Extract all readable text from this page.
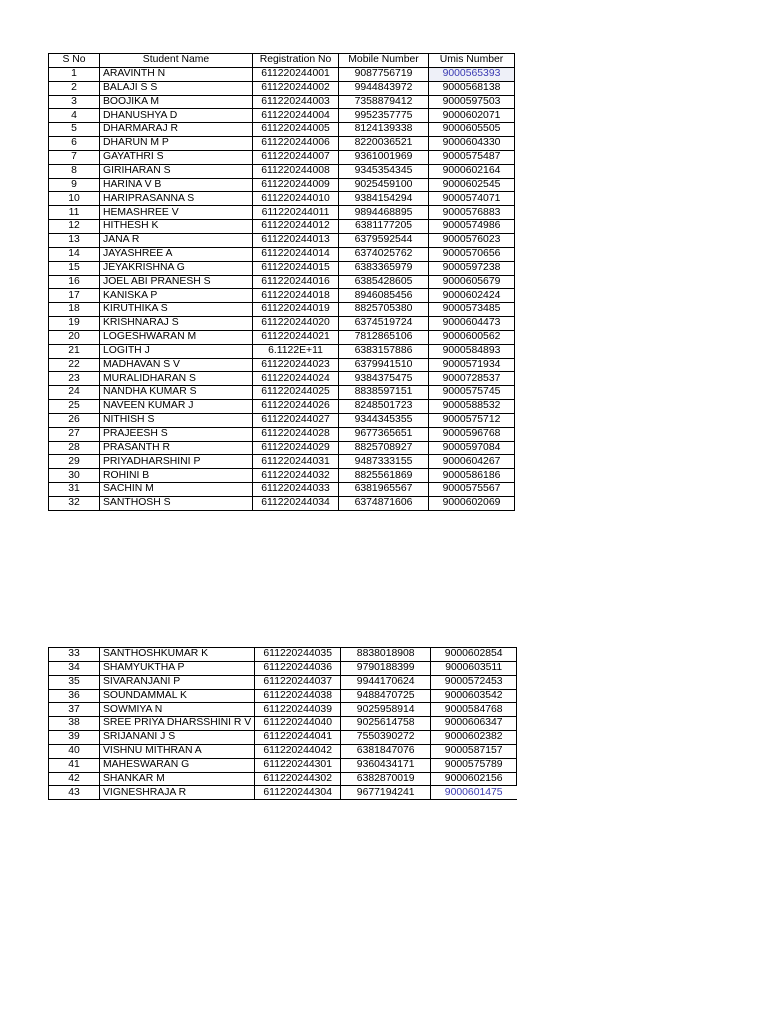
S No	Student Name	Registration No	Mobile Number	Umis Number
1	ARAVINTH N	611220244001	9087756719	9000565393
2	BALAJI S S	611220244002	9944843972	9000568138
3	BOOJIKA M	611220244003	7358879412	9000597503
4	DHANUSHYA D	611220244004	9952357775	9000602071
5	DHARMARAJ R	611220244005	8124139338	9000605505
6	DHARUN M P	611220244006	8220036521	9000604330
7	GAYATHRI S	611220244007	9361001969	9000575487
8	GIRIHARAN S	611220244008	9345354345	9000602164
9	HARINA V B	611220244009	9025459100	9000602545
10	HARIPRASANNA S	611220244010	9384154294	9000574071
11	HEMASHREE V	611220244011	9894468895	9000576883
12	HITHESH K	611220244012	6381177205	9000574986
13	JANA R	611220244013	6379592544	9000576023
14	JAYASHREE A	611220244014	6374025762	9000570656
15	JEYAKRISHNA G	611220244015	6383365979	9000597238
16	JOEL ABI PRANESH S	611220244016	6385428605	9000605679
17	KANISKA P	611220244018	8946085456	9000602424
18	KIRUTHIKA S	611220244019	8825705380	9000573485
19	KRISHNARAJ S	611220244020	6374519724	9000604473
20	LOGESHWARAN M	611220244021	7812865106	9000600562
21	LOGITH J	6.1122E+11	6383157886	9000584893
22	MADHAVAN S V	611220244023	6379941510	9000571934
23	MURALIDHARAN S	611220244024	9384375475	9000728537
24	NANDHA KUMAR S	611220244025	8838597151	9000575745
25	NAVEEN KUMAR J	611220244026	8248501723	9000588532
26	NITHISH S	611220244027	9344345355	9000575712
27	PRAJEESH S	611220244028	9677365651	9000596768
28	PRASANTH R	611220244029	8825708927	9000597084
29	PRIYADHARSHINI P	611220244031	9487333155	9000604267
30	ROHINI B	611220244032	8825561869	9000586186
31	SACHIN M	611220244033	6381965567	9000575567
32	SANTHOSH S	611220244034	6374871606	9000602069
33	SANTHOSHKUMAR K	611220244035	8838018908	9000602854
34	SHAMYUKTHA P	611220244036	9790188399	9000603511
35	SIVARANJANI P	611220244037	9944170624	9000572453
36	SOUNDAMMAL K	611220244038	9488470725	9000603542
37	SOWMIYA N	611220244039	9025958914	9000584768
38	SREE PRIYA DHARSSHINI R V	611220244040	9025614758	9000606347
39	SRIJANANI J S	611220244041	7550390272	9000602382
40	VISHNU MITHRAN A	611220244042	6381847076	9000587157
41	MAHESWARAN G	611220244301	9360434171	9000575789
42	SHANKAR M	611220244302	6382870019	9000602156
43	VIGNESHRAJA R	611220244304	9677194241	9000601475
